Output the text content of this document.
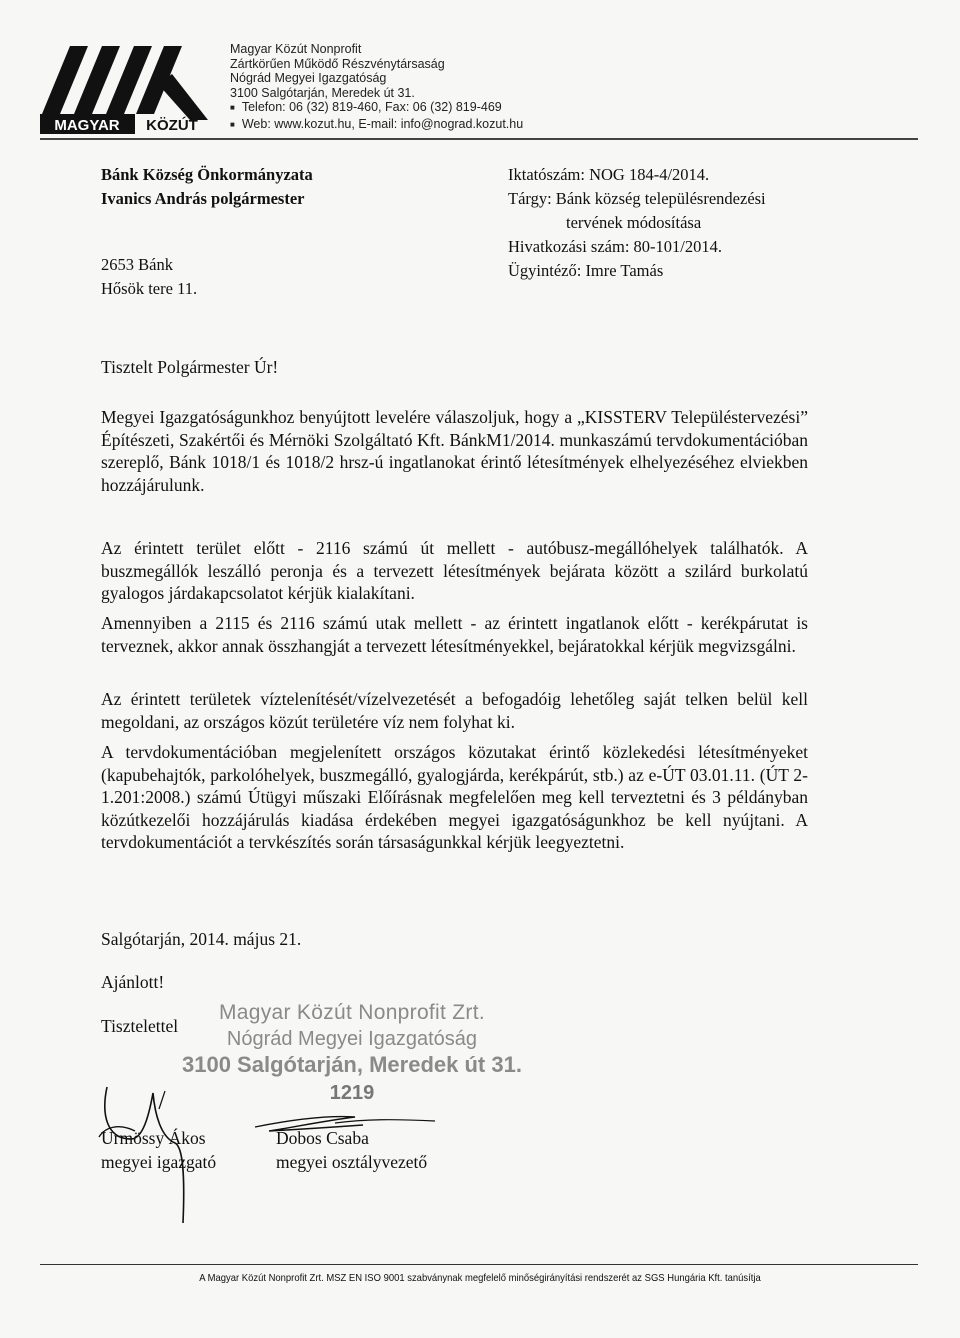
MAGYAR KÖZÚT
Magyar Közút Nonprofit
Zártkörűen Működő Részvénytársaság
Nógrád Megyei Igazgatóság
3100 Salgótarján, Meredek út 31.
■ Telefon: 06 (32) 819-460, Fax: 06 (32) 819-469
■ Web: www.kozut.hu, E-mail: info@nograd.kozut.hu
Bánk Község Önkormányzata
Ivanics András polgármester
2653 Bánk
Hősök tere 11.
Iktatószám: NOG 184-4/2014.
Tárgy: Bánk község településrendezési
tervének módosítása
Hivatkozási szám: 80-101/2014.
Ügyintéző: Imre Tamás
Tisztelt Polgármester Úr!
Megyei Igazgatóságunkhoz benyújtott levelére válaszoljuk, hogy a „KISSTERV Településtervezési” Építészeti, Szakértői és Mérnöki Szolgáltató Kft. BánkM1/2014. munkaszámú tervdokumentációban szereplő, Bánk 1018/1 és 1018/2 hrsz-ú ingatlanokat érintő létesítmények elhelyezéséhez elviekben hozzájárulunk.
Az érintett terület előtt - 2116 számú út mellett - autóbusz-megállóhelyek találhatók. A buszmegállók leszálló peronja és a tervezett létesítmények bejárata között a szilárd burkolatú gyalogos járdakapcsolatot kérjük kialakítani.
Amennyiben a 2115 és 2116 számú utak mellett - az érintett ingatlanok előtt - kerékpárutat is terveznek, akkor annak összhangját a tervezett létesítményekkel, bejáratokkal kérjük megvizsgálni.
Az érintett területek víztelenítését/vízelvezetését a befogadóig lehetőleg saját telken belül kell megoldani, az országos közút területére víz nem folyhat ki.
A tervdokumentációban megjelenített országos közutakat érintő közlekedési létesítményeket (kapubehajtók, parkolóhelyek, buszmegálló, gyalogjárda, kerékpárút, stb.) az e-ÚT 03.01.11. (ÚT 2-1.201:2008.) számú Útügyi műszaki Előírásnak megfelelően meg kell terveztetni és 3 példányban közútkezelői hozzájárulás kiadása érdekében megyei igazgatóságunkhoz be kell nyújtani. A tervdokumentációt a tervkészítés során társaságunkkal kérjük leegyeztetni.
Salgótarján, 2014. május 21.
Ajánlott!
Tisztelettel
Magyar Közút Nonprofit Zrt.
Nógrád Megyei Igazgatóság
3100 Salgótarján, Meredek út 31.
1219
Urmössy Ákos
megyei igazgató
Dobos Csaba
megyei osztályvezető
A Magyar Közút Nonprofit Zrt. MSZ EN ISO 9001 szabványnak megfelelő minőségirányítási rendszerét az SGS Hungária Kft. tanúsítja
